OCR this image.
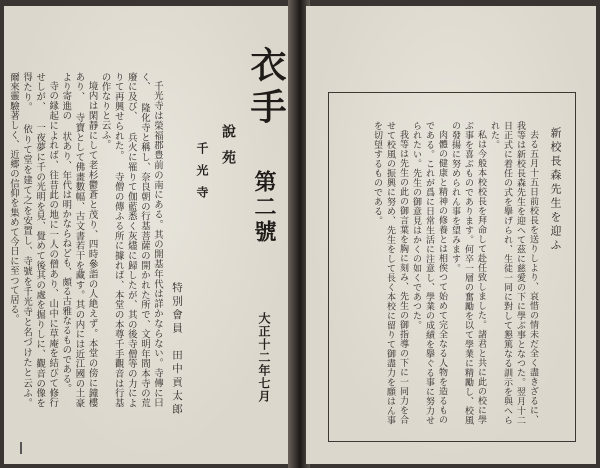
千光寺は榮福郡豊前の南にある。其の開基年代は詳かならない。寺傳に曰く、 隆化寺と稱し、奈良朝の行基菩薩の開かれた所で、文明年間本寺の荒廢に及び、 兵火に罹りて伽藍悉く灰燼に歸したが、其の後寺僧等の力によりて再興せられた。 寺僧の傳ふる所に據れば、本堂の本尊千手觀音は行基の作なりと云ふ。

境内は閑靜にして老杉鬱蒼と茂り、四時參詣の人絶えず。本堂の傍に鐘樓あり、 寺寶として佛畫數幅、古文書若干を藏す。其の内には近江國の土豪より寄進の 状あり、年代は明かならねども、頗る古雅なるものである。

寺の縁起によれば、往昔此の地に一人の僧あり、山中に草庵を結びて修行せしが、 一夜夢に千の光明を見、覺めて後其の處を掘りしに、觀音の像を得たり。 依りて堂を建て之を安置し、寺號を千光寺と名づけたと云ふ。 爾來靈驗著しく、近郷の信仰を集めて今日に至つて居る。

特別會員　田中貢太郎
千光寺 說苑
衣手
第二號
大正十二年七月
新校長森先生を迎ふ

去る五月十五日前校長を送りしより、哀惜の情未だ全く盡きざるに、我等は新校長森先生を迎へて茲に慈愛の下に學ぶ事となつた。翌月十二日正式に着任の式を擧げられ、生徒一同に對して懇篤なる訓示を與へられた。

私は今般本校校長を拜命して赴任致しました。諸君と共に此の校に學ぶ事を喜ぶものであります。何卒一層の奮勵を以て學業に精勵し、校風の發揚に努められん事を望みます。

肉體の健康と精神の修養とは相俟つて始めて完全なる人物を造るものである。これが爲に日常生活に注意し、學業の成績を擧ぐる事に努力せられたい。先生の御意見はかくの如くであつた。

我等は先生の此の御言葉を胸に刻み、先生の御指導の下に一同力を合せて校風の振興に努め、先生をして長く本校に留りて御盡力を願はん事を切望するものである。
